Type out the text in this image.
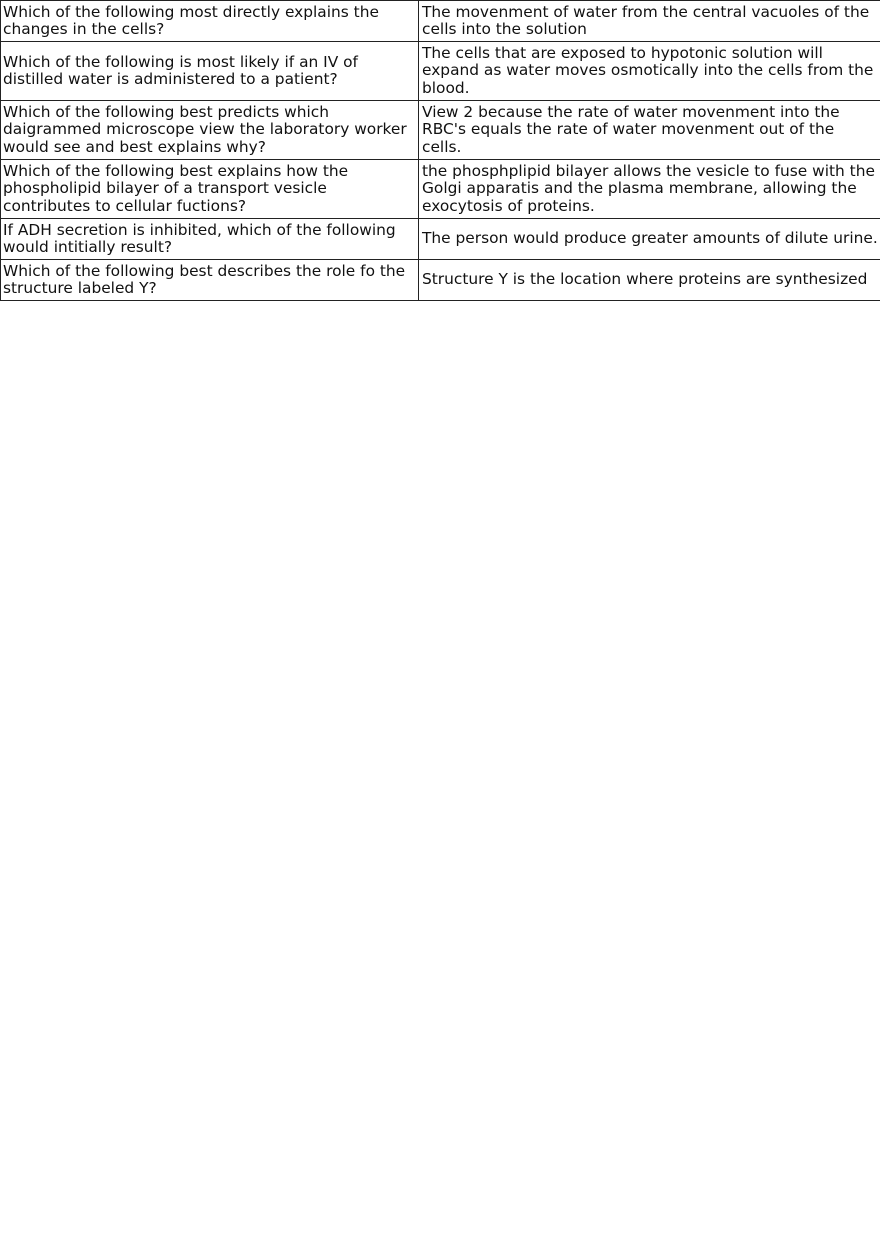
Which of the following most directly explains the changes in the cells?	The movenment of water from the central vacuoles of the cells into the solution
Which of the following is most likely if an IV of distilled water is administered to a patient?	The cells that are exposed to hypotonic solution will expand as water moves osmotically into the cells from the blood.
Which of the following best predicts which daigrammed microscope view the laboratory worker would see and best explains why?	View 2 because the rate of water movenment into the RBC's equals the rate of water movenment out of the cells.
Which of the following best explains how the phospholipid bilayer of a transport vesicle contributes to cellular fuctions?	the phosphplipid bilayer allows the vesicle to fuse with the Golgi apparatis and the plasma membrane, allowing the exocytosis of proteins.
If ADH secretion is inhibited, which of the following would intitially result?	The person would produce greater amounts of dilute urine.
Which of the following best describes the role fo the structure labeled Y?	Structure Y is the location where proteins are synthesized
